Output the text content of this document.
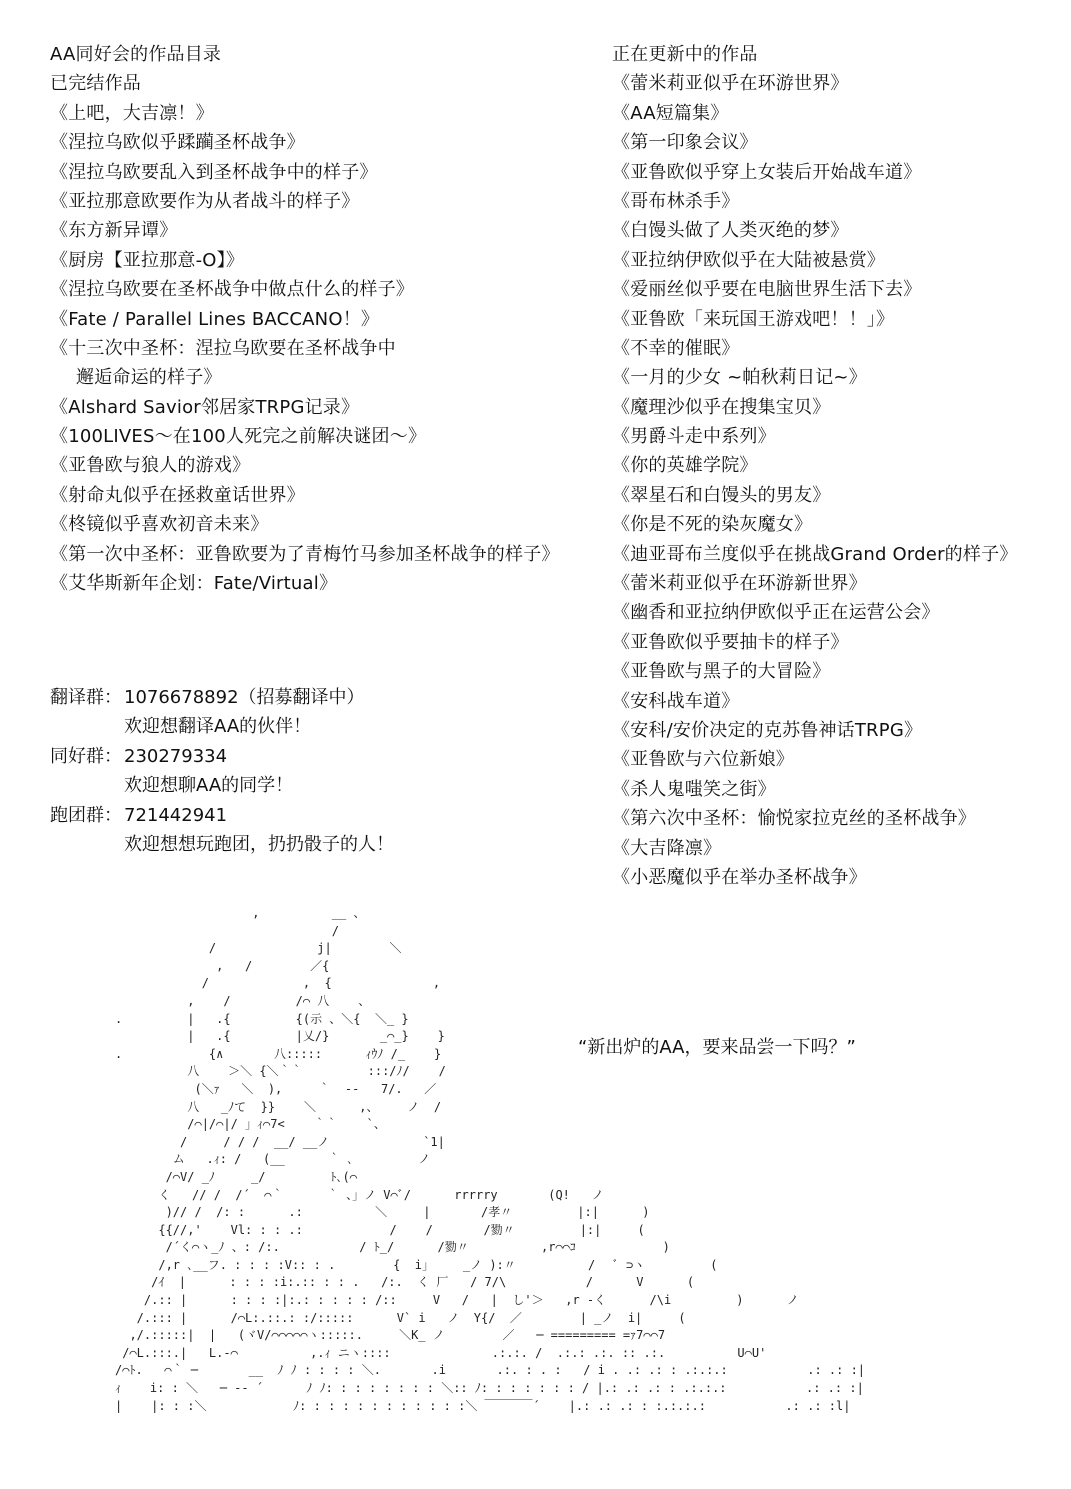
AA同好会的作品目录
已完结作品
《上吧，大吉凛！》
《涅拉乌欧似乎蹂躏圣杯战争》
《涅拉乌欧要乱入到圣杯战争中的样子》
《亚拉那意欧要作为从者战斗的样子》
《东方新异谭》
《厨房【亚拉那意-O】》
《涅拉乌欧要在圣杯战争中做点什么的样子》
《Fate / Parallel Lines BACCANO！》
《十三次中圣杯：涅拉乌欧要在圣杯战争中
邂逅命运的样子》
《Alshard Savior邻居家TRPG记录》
《100LIVES～在100人死完之前解决谜团～》
《亚鲁欧与狼人的游戏》
《射命丸似乎在拯救童话世界》
《柊镜似乎喜欢初音未来》
《第一次中圣杯：亚鲁欧要为了青梅竹马参加圣杯战争的样子》
《艾华斯新年企划：Fate/Virtual》
正在更新中的作品
《蕾米莉亚似乎在环游世界》
《AA短篇集》
《第一印象会议》
《亚鲁欧似乎穿上女装后开始战车道》
《哥布林杀手》
《白馒头做了人类灭绝的梦》
《亚拉纳伊欧似乎在大陆被悬赏》
《爱丽丝似乎要在电脑世界生活下去》
《亚鲁欧「来玩国王游戏吧！！」》
《不幸的催眠》
《一月的少女 ~帕秋莉日记~》
《魔理沙似乎在搜集宝贝》
《男爵斗走中系列》
《你的英雄学院》
《翠星石和白馒头的男友》
《你是不死的染灰魔女》
《迪亚哥布兰度似乎在挑战Grand Order的样子》
《蕾米莉亚似乎在环游新世界》
《幽香和亚拉纳伊欧似乎正在运营公会》
《亚鲁欧似乎要抽卡的样子》
《亚鲁欧与黑子的大冒险》
《安科战车道》
《安科/安价决定的克苏鲁神话TRPG》
《亚鲁欧与六位新娘》
《杀人鬼嗤笑之街》
《第六次中圣杯：愉悦家拉克丝的圣杯战争》
《大吉降凛》
《小恶魔似乎在举办圣杯战争》
翻译群： 1076678892（招募翻译中）
欢迎想翻译AA的伙伴！
同好群： 230279334
欢迎想聊AA的同学！
跑团群： 721442941
欢迎想想玩跑团，扔扔骰子的人！
,          __ 、
/
/              j|        ＼
,   /        ／{
/             ,  {              ,
,    /         /⌒ 八    、
.         |   .{         {(示 、＼{  ＼_ }
|   .{         |乂/}       _⌒_}    }
.            {∧       八:::::      ｨｳﾉ /_    }
八    ＞＼ {＼｀｀         :::/ﾉ/    /
(＼ｧ   ＼  ),     ｀  ‐‐   7/.   ／
八   _ﾉて  }}    ＼      ,、    ノ  /
/⌒|/⌒|/ 」ｨ⌒7<    ｀｀    `、
/     / / /  __/ __ノ             `1|
ム   .ｨ: /   (__      ｀ ､         ノ
/⌒V/ _ﾉ     _/         ﾄ､(⌒
く   // /  /´  ⌒｀      ｀ 、」ノ V⌒ﾞ/      rrrrry       (Q!   ノ
)// /  /: :      .:          ＼     |       /孝〃         |:|      )
{{//,'    Vl: : : .:            /    /       /勠〃         |:|     (
/´く⌒ヽ_ﾉ 、: /:.           / ﾄ_/      /勠〃          ,r⌒⌒ｺ            )
/,r ､__フ. : : : :V:: : .        {  i」    _ノ ):〃          /   ﾞ ⊃ヽ         (
/ｲ  |      : : : :i:.:: : : .   /:.  く 厂   / 7/\           /      V      (
/.:: |      : : : :|:.: : : : : /::     V   /   |  し'＞   ,r ‐く      /\i         )      ノ
/.::: |      /⌒L:.::.: :/:::::      V` i   ノ  Y{/  ／        | _ノ  i|     (
,/.:::::|  |   (ヾV/⌒⌒⌒⌒⌒ヽ:::::.     ＼K_ ノ        ／   ─ ========= =ｧ7⌒⌒7
/⌒L.:::.|   L.‐⌒          ,.ｨ ニヽ::::              .:.:. /  .:.: .:. :: .:.          U⌒U'
/⌒ﾄ.   ⌒｀ ─       __  ﾉ ﾉ : : : : ＼.       .i       .:. : . :   / i . .: .: : .:.:.:           .: .: :|
ｨ    i: : ＼   ─ ‐‐ ´      ﾉ ﾉ: : : : : : : : ＼:: ﾉ: : : : : : : / |.: .: .: : .:.:.:           .: .: :|
|    |: : :＼            ﾉ: : : : : : : : : : : :＼ ￣￣￣￣´    |.: .: .: : :.:.:.:           .: .: :l|
“新出炉的AA，要来品尝一下吗？”
